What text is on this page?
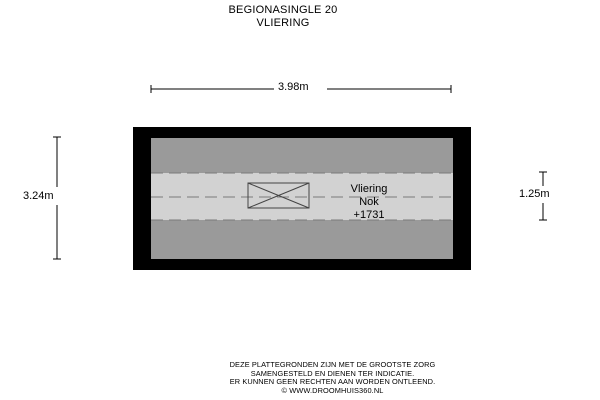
BEGIONASINGLE 20
VLIERING
3.98m
3.24m	1.25m
Vliering
Nok
+1731
DEZE PLATTEGRONDEN ZIJN MET DE GROOTSTE ZORG
SAMENGESTELD EN DIENEN TER INDICATIE.
ER KUNNEN GEEN RECHTEN AAN WORDEN ONTLEEND.
© WWW.DROOMHUIS360.NL
